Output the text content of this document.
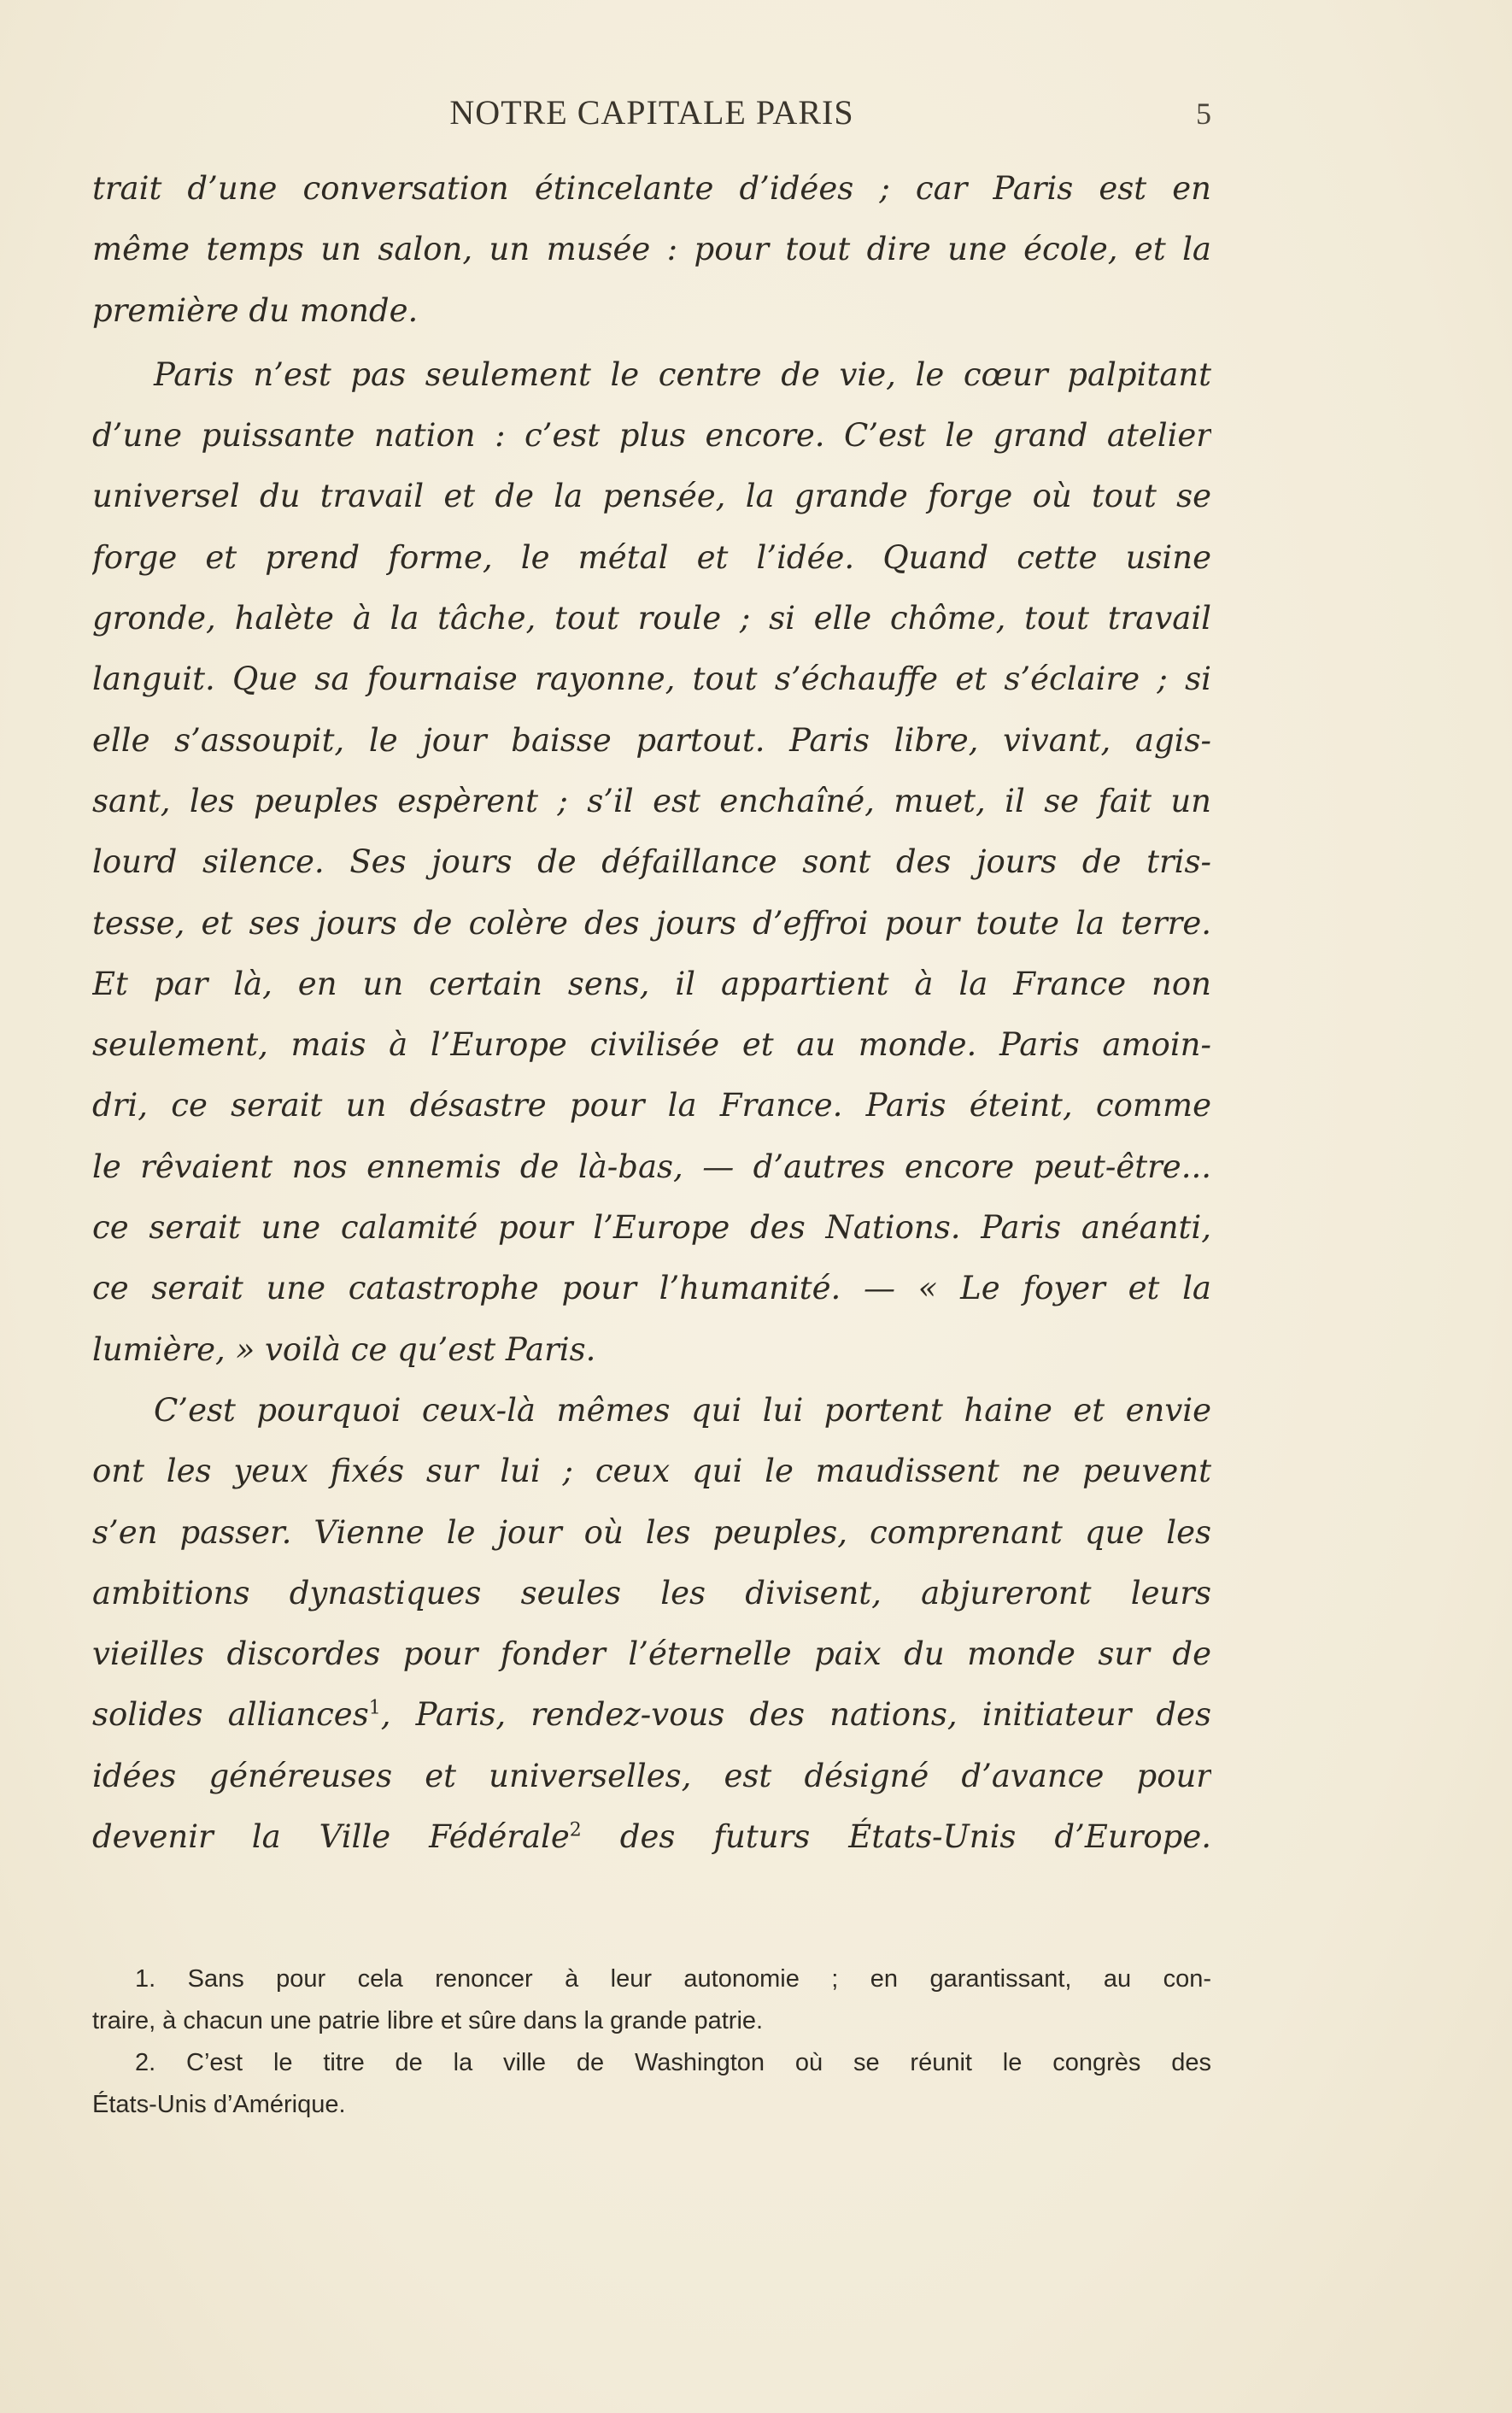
NOTRE CAPITALE PARIS	5
trait d’une conversation étincelante d’idées ; car Paris est en
même temps un salon, un musée : pour tout dire une école, et la
première du monde.
Paris n’est pas seulement le centre de vie, le cœur palpitant
d’une puissante nation : c’est plus encore. C’est le grand atelier
universel du travail et de la pensée, la grande forge où tout se
forge et prend forme, le métal et l’idée. Quand cette usine
gronde, halète à la tâche, tout roule ; si elle chôme, tout travail
languit. Que sa fournaise rayonne, tout s’échauffe et s’éclaire ; si
elle s’assoupit, le jour baisse partout. Paris libre, vivant, agis-
sant, les peuples espèrent ; s’il est enchaîné, muet, il se fait un
lourd silence. Ses jours de défaillance sont des jours de tris-
tesse, et ses jours de colère des jours d’effroi pour toute la terre.
Et par là, en un certain sens, il appartient à la France non
seulement, mais à l’Europe civilisée et au monde. Paris amoin-
dri, ce serait un désastre pour la France. Paris éteint, comme
le rêvaient nos ennemis de là-bas, — d’autres encore peut-être...
ce serait une calamité pour l’Europe des Nations. Paris anéanti,
ce serait une catastrophe pour l’humanité. — « Le foyer et la
lumière, » voilà ce qu’est Paris.
C’est pourquoi ceux-là mêmes qui lui portent haine et envie
ont les yeux fixés sur lui ; ceux qui le maudissent ne peuvent
s’en passer. Vienne le jour où les peuples, comprenant que les
ambitions dynastiques seules les divisent, abjureront leurs
vieilles discordes pour fonder l’éternelle paix du monde sur de
solides alliances$^1$, Paris, rendez-vous des nations, initiateur des
idées généreuses et universelles, est désigné d’avance pour
devenir la Ville Fédérale$^2$ des futurs États-Unis d’Europe.
1. Sans pour cela renoncer à leur autonomie ; en garantissant, au con-
traire, à chacun une patrie libre et sûre dans la grande patrie.
2. C’est le titre de la ville de Washington où se réunit le congrès des
États-Unis d’Amérique.
